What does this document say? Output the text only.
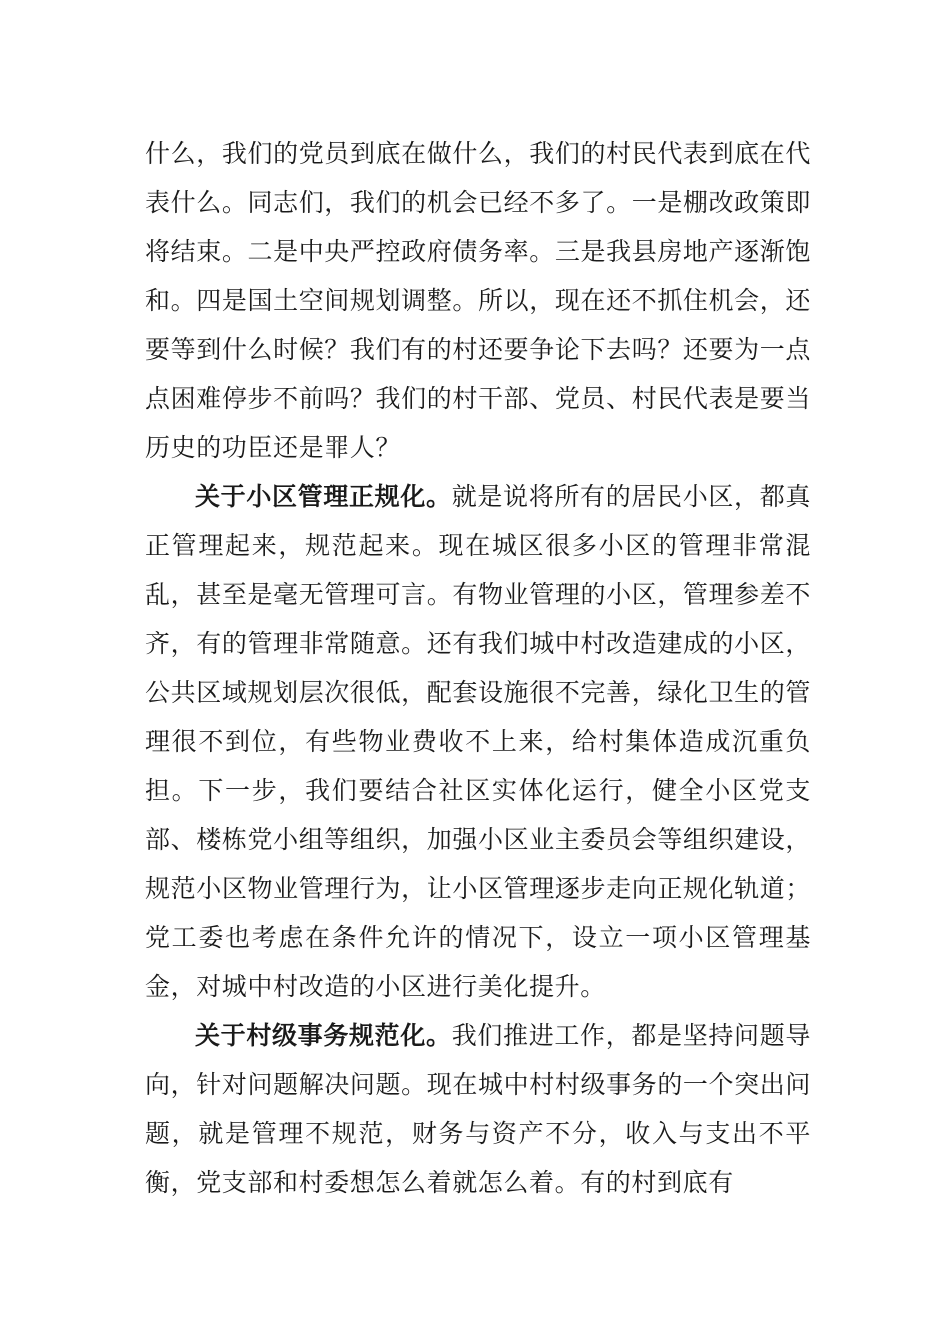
什么，我们的党员到底在做什么，我们的村民代表到底在代表什么。同志们，我们的机会已经不多了。一是棚改政策即将结束。二是中央严控政府债务率。三是我县房地产逐渐饱和。四是国土空间规划调整。所以，现在还不抓住机会，还要等到什么时候？我们有的村还要争论下去吗？还要为一点点困难停步不前吗？我们的村干部、党员、村民代表是要当历史的功臣还是罪人？

关于小区管理正规化。就是说将所有的居民小区，都真正管理起来，规范起来。现在城区很多小区的管理非常混乱，甚至是毫无管理可言。有物业管理的小区，管理参差不齐，有的管理非常随意。还有我们城中村改造建成的小区，公共区域规划层次很低，配套设施很不完善，绿化卫生的管理很不到位，有些物业费收不上来，给村集体造成沉重负担。下一步，我们要结合社区实体化运行，健全小区党支部、楼栋党小组等组织，加强小区业主委员会等组织建设，规范小区物业管理行为，让小区管理逐步走向正规化轨道；党工委也考虑在条件允许的情况下，设立一项小区管理基金，对城中村改造的小区进行美化提升。

关于村级事务规范化。我们推进工作，都是坚持问题导向，针对问题解决问题。现在城中村村级事务的一个突出问题，就是管理不规范，财务与资产不分，收入与支出不平衡，党支部和村委想怎么着就怎么着。有的村到底有
